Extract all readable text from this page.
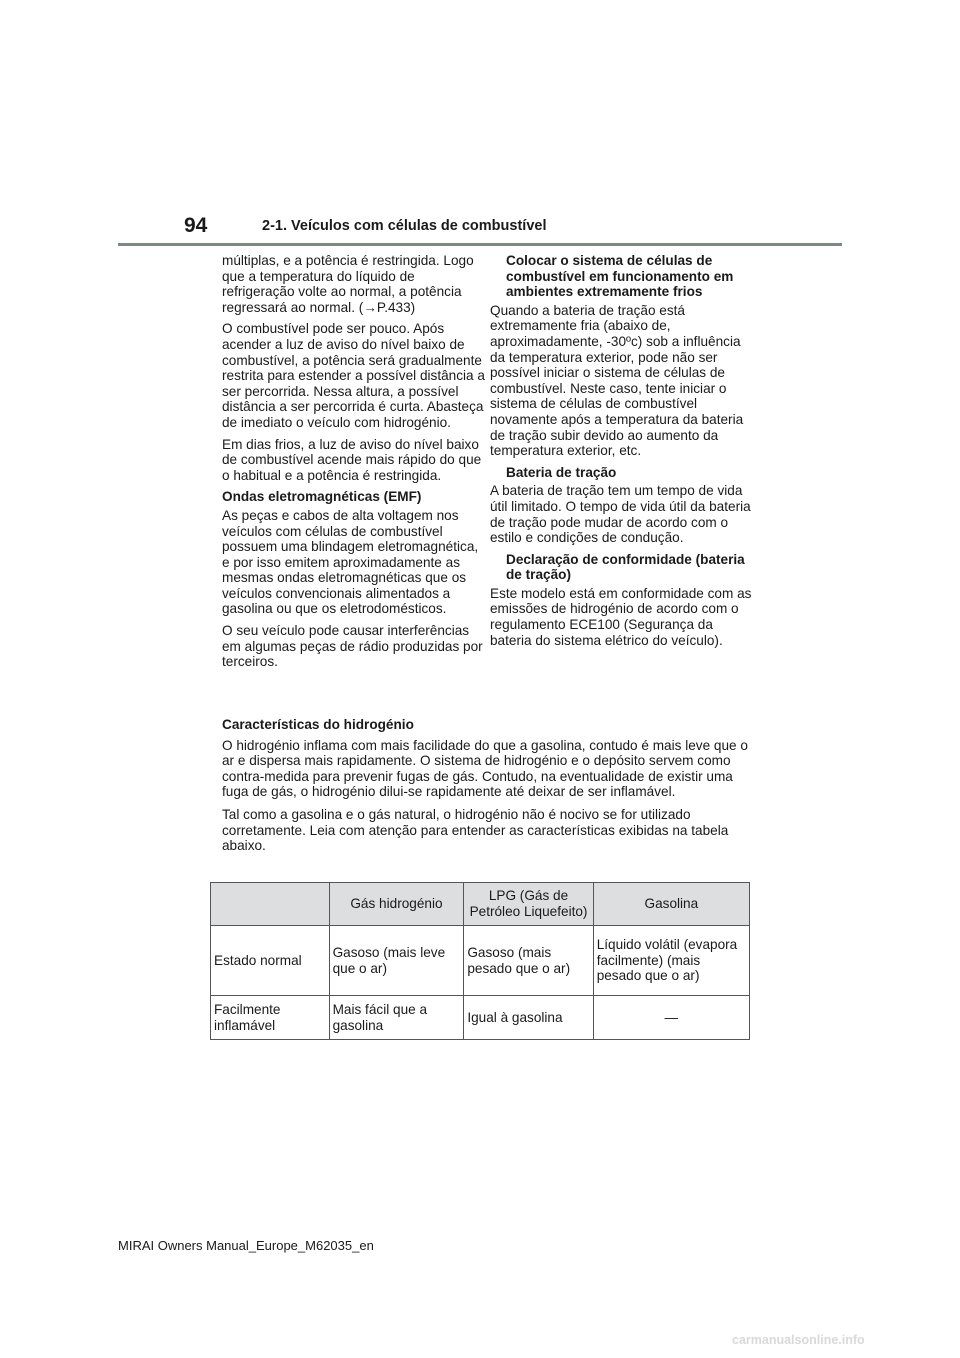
94	2-1. Veículos com células de combustível

múltiplas, e a potência é restringida. Logo que a temperatura do líquido de refrigeração volte ao normal, a potência regressará ao normal. (→P.433)

O combustível pode ser pouco. Após acender a luz de aviso do nível baixo de combustível, a potência será gradualmente restrita para estender a possível distância a ser percorrida. Nessa altura, a possível distância a ser percorrida é curta. Abasteça de imediato o veículo com hidrogénio.

Em dias frios, a luz de aviso do nível baixo de combustível acende mais rápido do que o habitual e a potência é restringida.

Ondas eletromagnéticas (EMF)

As peças e cabos de alta voltagem nos veículos com células de combustível possuem uma blindagem eletromagnética, e por isso emitem aproximadamente as mesmas ondas eletromagnéticas que os veículos convencionais alimentados a gasolina ou que os eletrodomésticos.

O seu veículo pode causar interferências em algumas peças de rádio produzidas por terceiros.

Colocar o sistema de células de combustível em funcionamento em ambientes extremamente frios

Quando a bateria de tração está extremamente fria (abaixo de, aproximadamente, -30ºc) sob a influência da temperatura exterior, pode não ser possível iniciar o sistema de células de combustível. Neste caso, tente iniciar o sistema de células de combustível novamente após a temperatura da bateria de tração subir devido ao aumento da temperatura exterior, etc.

Bateria de tração

A bateria de tração tem um tempo de vida útil limitado. O tempo de vida útil da bateria de tração pode mudar de acordo com o estilo e condições de condução.

Declaração de conformidade (bateria de tração)

Este modelo está em conformidade com as emissões de hidrogénio de acordo com o regulamento ECE100 (Segurança da bateria do sistema elétrico do veículo).

Características do hidrogénio

O hidrogénio inflama com mais facilidade do que a gasolina, contudo é mais leve que o ar e dispersa mais rapidamente. O sistema de hidrogénio e o depósito servem como contra-medida para prevenir fugas de gás. Contudo, na eventualidade de existir uma fuga de gás, o hidrogénio dilui-se rapidamente até deixar de ser inflamável.

Tal como a gasolina e o gás natural, o hidrogénio não é nocivo se for utilizado corretamente. Leia com atenção para entender as características exibidas na tabela abaixo.

	Gás hidrogénio	LPG (Gás de Petróleo Liquefeito)	Gasolina
Estado normal	Gasoso (mais leve que o ar)	Gasoso (mais pesado que o ar)	Líquido volátil (evapora facilmente) (mais pesado que o ar)
Facilmente inflamável	Mais fácil que a gasolina	Igual à gasolina	—
MIRAI Owners Manual_Europe_M62035_en
carmanualsonline.info
